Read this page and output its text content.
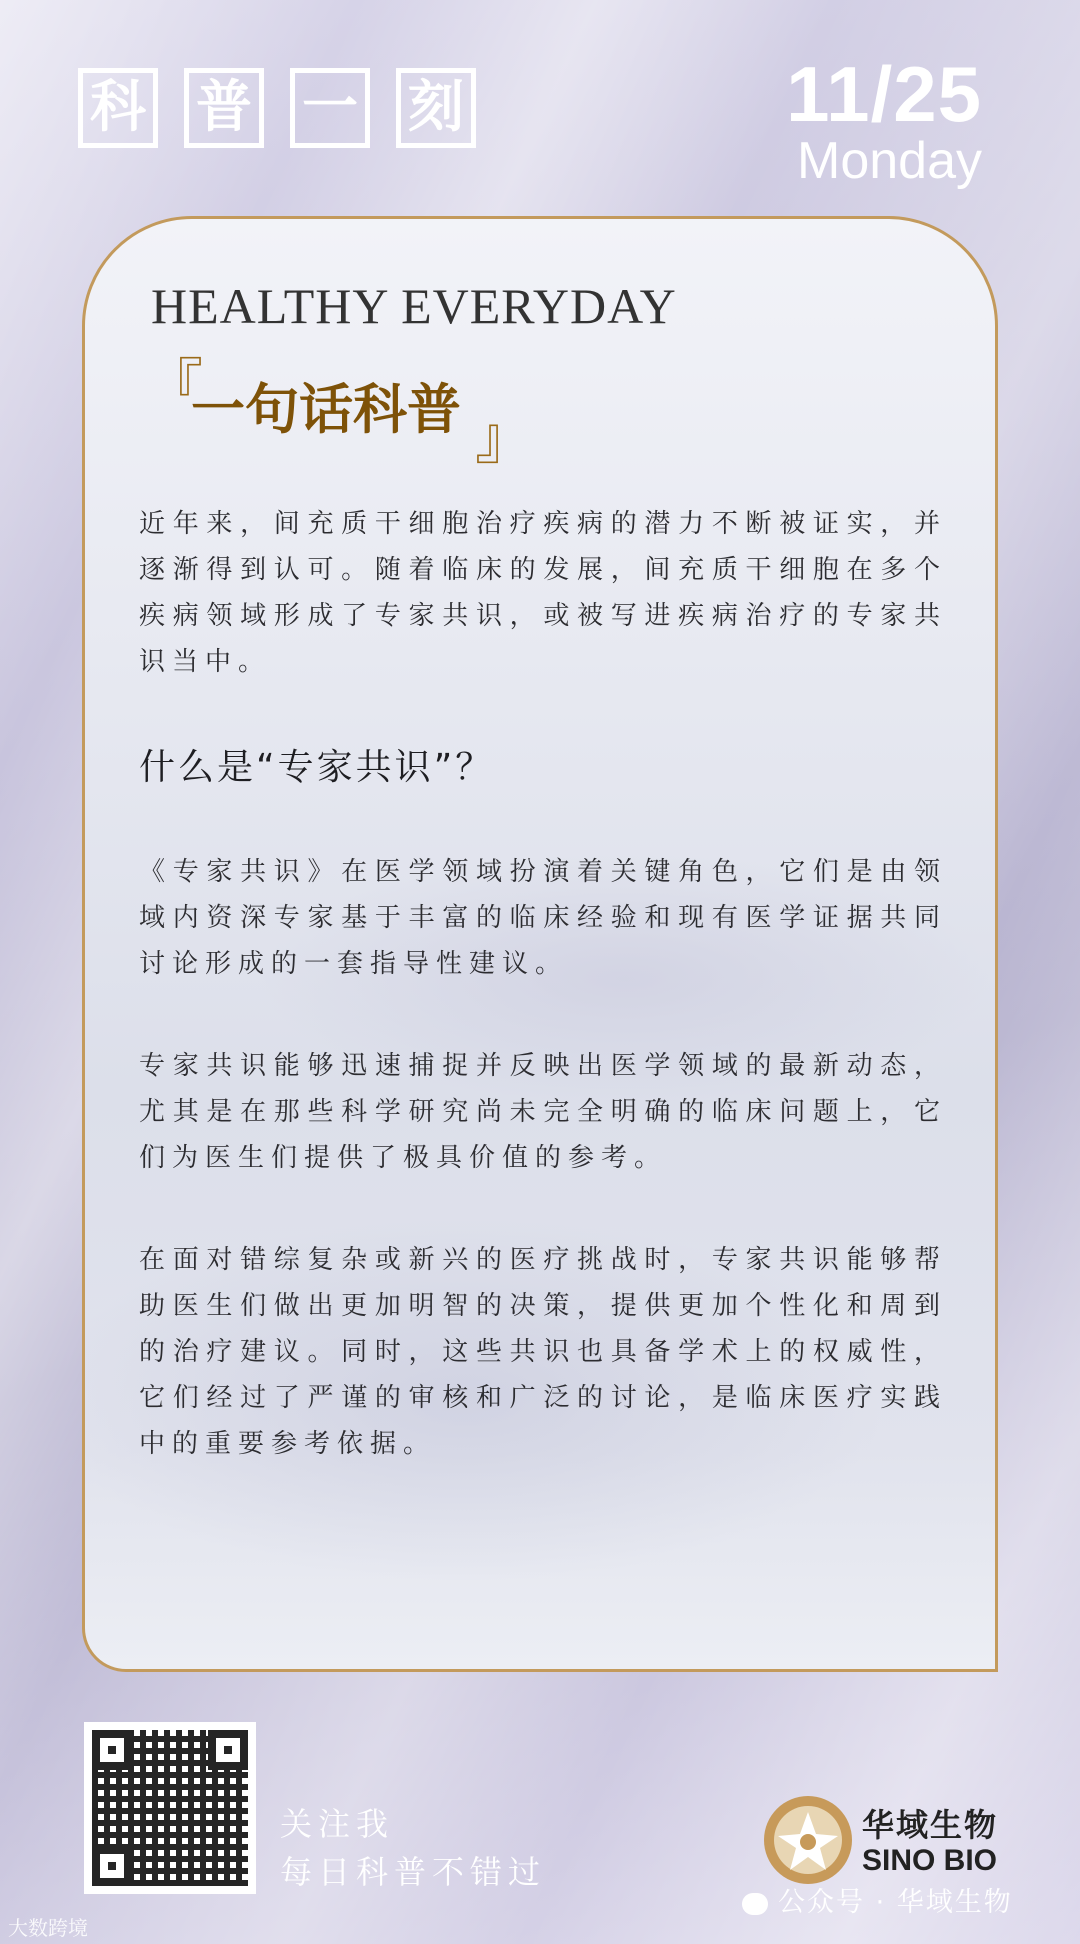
科 普 一 刻	11/25
Monday
HEALTHY EVERYDAY
『
一句话科普 』

近年来，间充质干细胞治疗疾病的潜力不断被证实，并逐渐得到认可。随着临床的发展，间充质干细胞在多个疾病领域形成了专家共识，或被写进疾病治疗的专家共识当中。

什么是“专家共识”？

《专家共识》在医学领域扮演着关键角色，它们是由领域内资深专家基于丰富的临床经验和现有医学证据共同讨论形成的一套指导性建议。

专家共识能够迅速捕捉并反映出医学领域的最新动态，尤其是在那些科学研究尚未完全明确的临床问题上，它们为医生们提供了极具价值的参考。

在面对错综复杂或新兴的医疗挑战时，专家共识能够帮助医生们做出更加明智的决策，提供更加个性化和周到的治疗建议。同时，这些共识也具备学术上的权威性，它们经过了严谨的审核和广泛的讨论，是临床医疗实践中的重要参考依据。

关注我
每日科普不错过
华域生物
SINO BIO
公众号 · 华域生物
大数跨境
